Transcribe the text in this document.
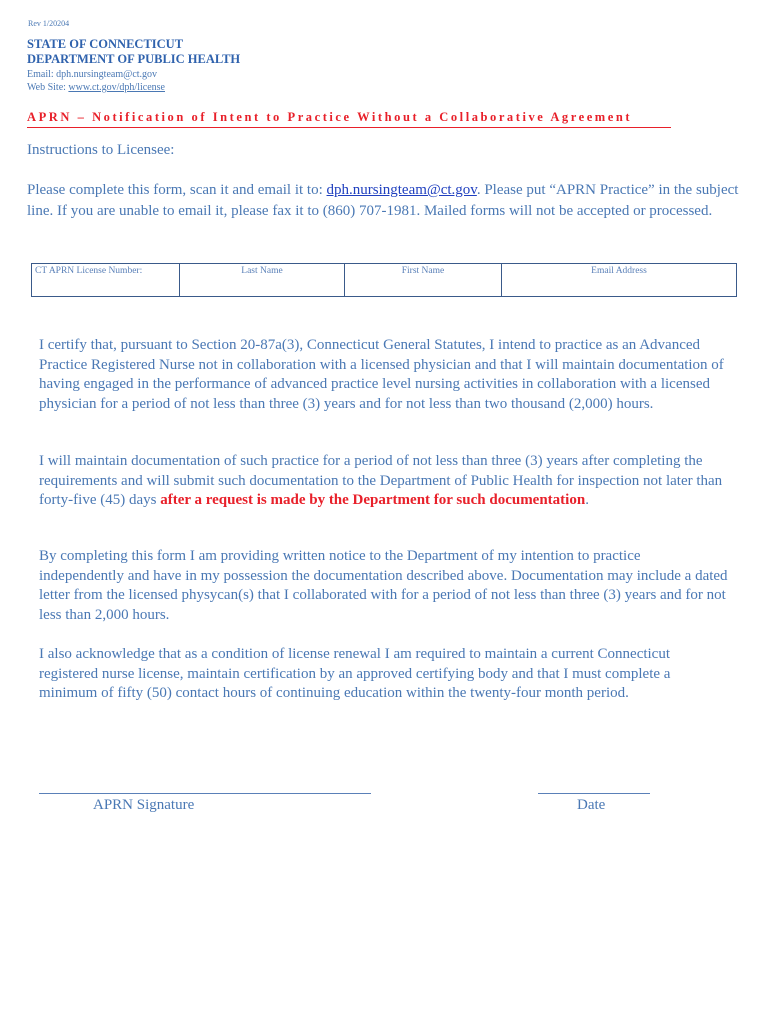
Rev 1/20204
STATE OF CONNECTICUT
DEPARTMENT OF PUBLIC HEALTH
Email: dph.nursingteam@ct.gov
Web Site: www.ct.gov/dph/license
APRN – Notification of Intent to Practice Without a Collaborative Agreement
Instructions to Licensee:
Please complete this form, scan it and email it to: dph.nursingteam@ct.gov. Please put “APRN Practice” in the subject line. If you are unable to email it, please fax it to (860) 707-1981. Mailed forms will not be accepted or processed.
CT APRN License Number:	Last Name	First Name	Email Address
I certify that, pursuant to Section 20-87a(3), Connecticut General Statutes, I intend to practice as an Advanced Practice Registered Nurse not in collaboration with a licensed physician and that I will maintain documentation of having engaged in the performance of advanced practice level nursing activities in collaboration with a licensed physician for a period of not less than three (3) years and for not less than two thousand (2,000) hours.
I will maintain documentation of such practice for a period of not less than three (3) years after completing the requirements and will submit such documentation to the Department of Public Health for inspection not later than forty-five (45) days after a request is made by the Department for such documentation.
By completing this form I am providing written notice to the Department of my intention to practice independently and have in my possession the documentation described above. Documentation may include a dated letter from the licensed physycan(s) that I collaborated with for a period of not less than three (3) years and for not less than 2,000 hours.
I also acknowledge that as a condition of license renewal I am required to maintain a current Connecticut registered nurse license, maintain certification by an approved certifying body and that I must complete a minimum of fifty (50) contact hours of continuing education within the twenty-four month period.
APRN Signature	Date
